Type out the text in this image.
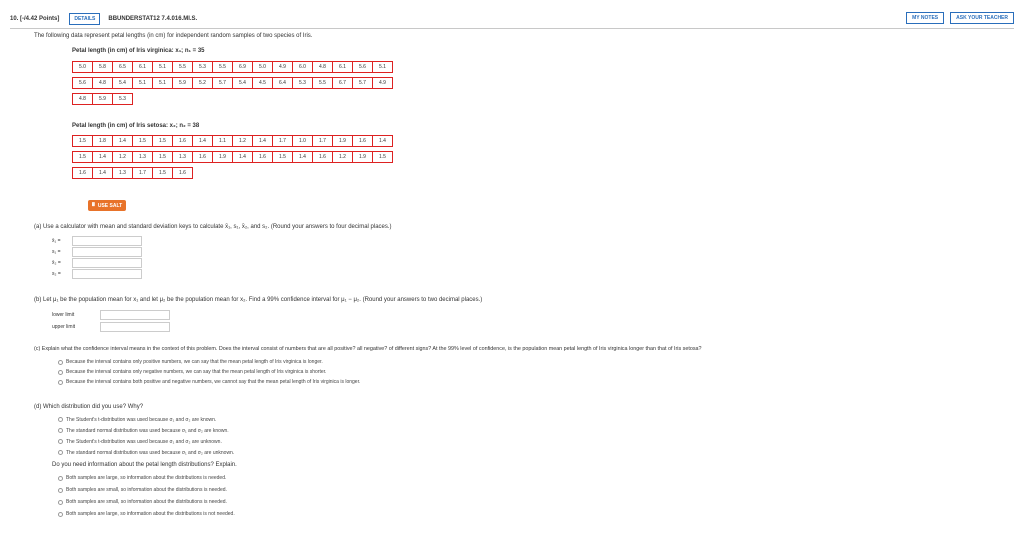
10. [-/4.42 Points]	DETAILS	BBUNDERSTAT12 7.4.016.MI.S.	MY NOTES	ASK YOUR TEACHER
The following data represent petal lengths (in cm) for independent random samples of two species of Iris.
Petal length (in cm) of Iris virginica: x₁; n₁ = 35
5.0	5.8	6.5	6.1	5.1	5.5	5.3	5.5	6.9	5.0	4.9	6.0	4.8	6.1	5.6	5.1
5.6	4.8	5.4	5.1	5.1	5.9	5.2	5.7	5.4	4.5	6.4	5.3	5.5	6.7	5.7	4.9
4.8	5.9	5.3
Petal length (in cm) of Iris setosa: x₂; n₂ = 38
1.5	1.8	1.4	1.5	1.5	1.6	1.4	1.1	1.2	1.4	1.7	1.0	1.7	1.9	1.6	1.4
1.5	1.4	1.2	1.3	1.5	1.3	1.6	1.9	1.4	1.6	1.5	1.4	1.6	1.2	1.9	1.5
1.6	1.4	1.3	1.7	1.5	1.6
🖩 USE SALT
(a) Use a calculator with mean and standard deviation keys to calculate x̄₁, s₁, x̄₂, and s₂. (Round your answers to four decimal places.)
x̄₁ =
s₁ =
x̄₂ =
s₂ =
(b) Let μ₁ be the population mean for x₁ and let μ₂ be the population mean for x₂. Find a 99% confidence interval for μ₁ − μ₂. (Round your answers to two decimal places.)
lower limit
upper limit
(c) Explain what the confidence interval means in the context of this problem. Does the interval consist of numbers that are all positive? all negative? of different signs? At the 99% level of confidence, is the population mean petal length of Iris virginica longer than that of Iris setosa?
Because the interval contains only positive numbers, we can say that the mean petal length of Iris virginica is longer.
Because the interval contains only negative numbers, we can say that the mean petal length of Iris virginica is shorter.
Because the interval contains both positive and negative numbers, we cannot say that the mean petal length of Iris virginica is longer.
(d) Which distribution did you use? Why?
The Student's t-distribution was used because σ₁ and σ₂ are known.
The standard normal distribution was used because σ₁ and σ₂ are known.
The Student's t-distribution was used because σ₁ and σ₂ are unknown.
The standard normal distribution was used because σ₁ and σ₂ are unknown.
Do you need information about the petal length distributions? Explain.
Both samples are large, so information about the distributions is needed.
Both samples are small, so information about the distributions is needed.
Both samples are small, so information about the distributions is needed.
Both samples are large, so information about the distributions is not needed.
